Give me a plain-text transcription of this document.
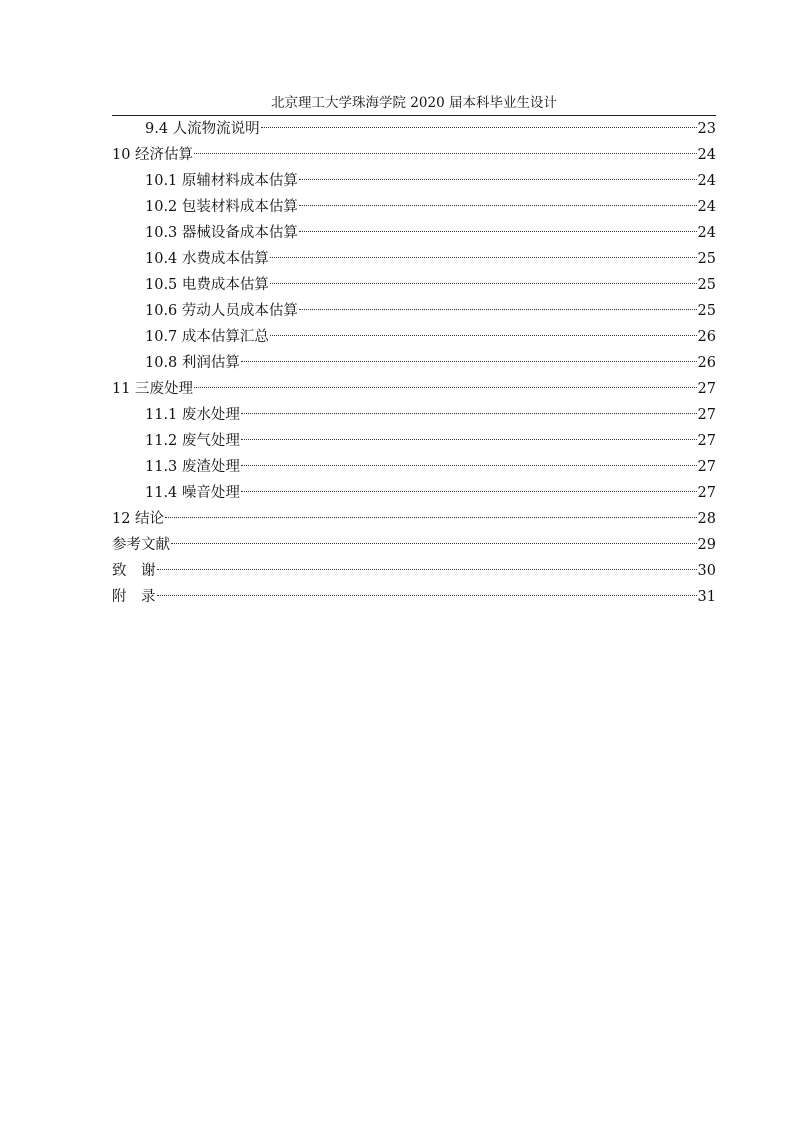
北京理工大学珠海学院 2020 届本科毕业生设计
9.4 人流物流说明	23
10 经济估算	24
10.1 原辅材料成本估算	24
10.2 包装材料成本估算	24
10.3 器械设备成本估算	24
10.4 水费成本估算	25
10.5 电费成本估算	25
10.6 劳动人员成本估算	25
10.7 成本估算汇总	26
10.8 利润估算	26
11 三废处理	27
11.1 废水处理	27
11.2 废气处理	27
11.3 废渣处理	27
11.4 噪音处理	27
12 结论	28
参考文献	29
致　谢	30
附　录	31
